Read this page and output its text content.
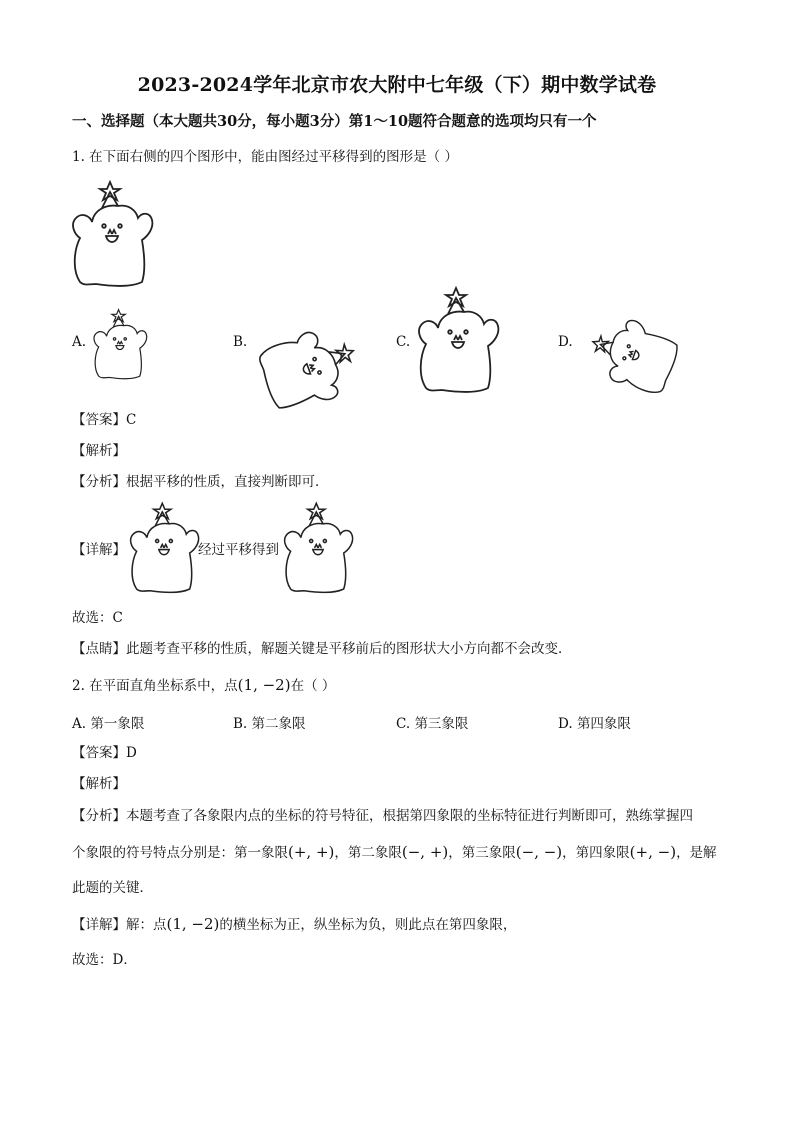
2023-2024学年北京市农大附中七年级（下）期中数学试卷
一、选择题（本大题共30分，每小题3分）第1～10题符合题意的选项均只有一个
1. 在下面右侧的四个图形中，能由图经过平移得到的图形是（ ）
A.	B.	C.	D.
【答案】C
【解析】
【分析】根据平移的性质，直接判断即可．
【详解】	经过平移得到
故选：C
【点睛】此题考查平移的性质，解题关键是平移前后的图形状大小方向都不会改变．
2. 在平面直角坐标系中，点(1, −2)在（ ）
A. 第一象限	B. 第二象限	C. 第三象限	D. 第四象限
【答案】D
【解析】
【分析】本题考查了各象限内点的坐标的符号特征，根据第四象限的坐标特征进行判断即可，熟练掌握四
个象限的符号特点分别是：第一象限(+, +)，第二象限(−, +)，第三象限(−, −)，第四象限(+, −)，是解
此题的关键．
【详解】解：点(1, −2)的横坐标为正，纵坐标为负，则此点在第四象限，
故选：D．
